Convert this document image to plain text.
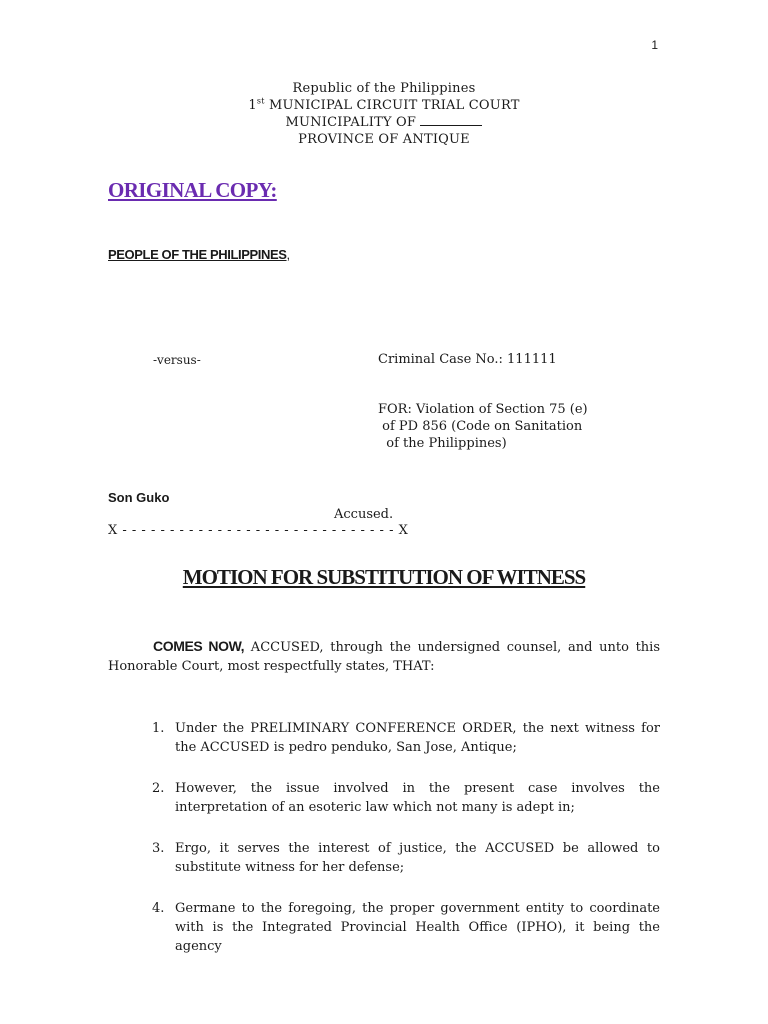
1
Republic of the Philippines
1st MUNICIPAL CIRCUIT TRIAL COURT
MUNICIPALITY OF
PROVINCE OF ANTIQUE
ORIGINAL COPY:
PEOPLE OF THE PHILIPPINES,
-versus-	Criminal Case No.: 111111
FOR: Violation of Section 75 (e)
of PD 856 (Code on Sanitation
of the Philippines)
Son Guko
Accused.
X - - - - - - - - - - - - - - - - - - - - - - - - - - - - - X
MOTION FOR SUBSTITUTION OF WITNESS
COMES NOW, ACCUSED, through the undersigned counsel, and unto this Honorable Court, most respectfully states, THAT:
1. Under the PRELIMINARY CONFERENCE ORDER, the next witness for the ACCUSED is pedro penduko, San Jose, Antique;
2. However, the issue involved in the present case involves the interpretation of an esoteric law which not many is adept in;
3. Ergo, it serves the interest of justice, the ACCUSED be allowed to substitute witness for her defense;
4. Germane to the foregoing, the proper government entity to coordinate with is the Integrated Provincial Health Office (IPHO), it being the agency
